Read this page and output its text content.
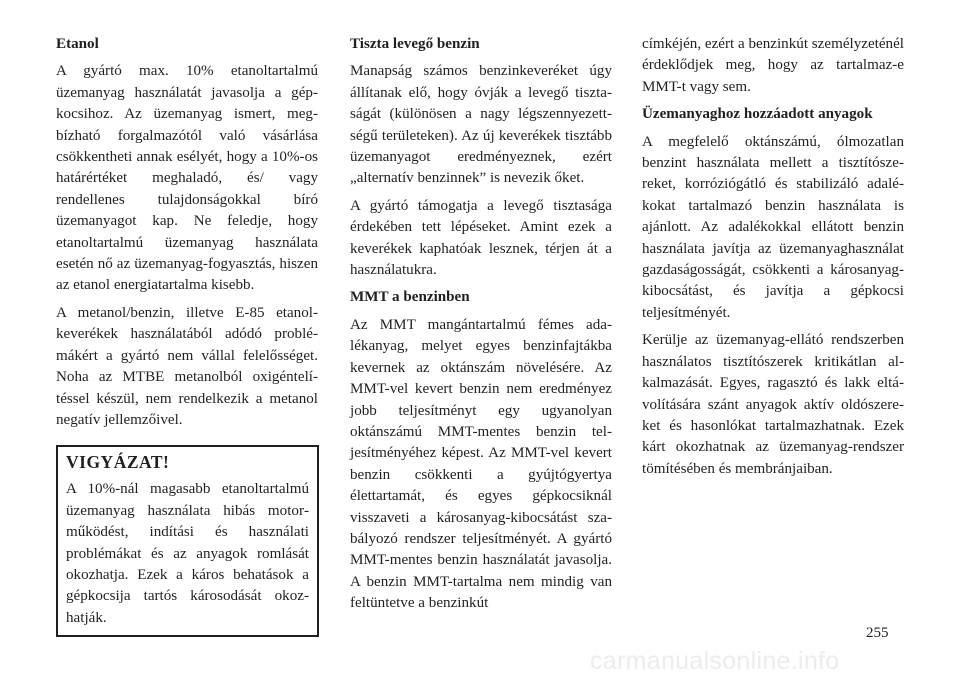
Etanol

A gyártó max. 10% etanoltartalmú üzemanyag használatát javasolja a gépkocsihoz. Az üzemanyag ismert, megbízható forgalmazótól való vásárlása csökkentheti annak esélyét, hogy a 10%-os határértéket meghaladó, és/ vagy rendellenes tulajdonságokkal bíró üzemanyagot kap. Ne feledje, hogy etanoltartalmú üzemanyag használata esetén nő az üzemanyag-fogyasztás, hiszen az etanol energiatartalma kisebb.

A metanol/benzin, illetve E-85 etanolkeverékek használatából adódó problémákért a gyártó nem vállal felelősséget. Noha az MTBE metanolból oxigéntelítéssel készül, nem rendelkezik a metanol negatív jellemzőivel.

VIGYÁZAT!

A 10%-nál magasabb etanoltartalmú üzemanyag használata hibás motorműködést, indítási és használati problémákat és az anyagok romlását okozhatja. Ezek a káros behatások a gépkocsija tartós károsodását okozhatják.

Tiszta levegő benzin

Manapság számos benzinkeveréket úgy állítanak elő, hogy óvják a levegő tisztaságát (különösen a nagy légszennyezettségű területeken). Az új keverékek tisztább üzemanyagot eredményeznek, ezért „alternatív benzinnek” is nevezik őket.

A gyártó támogatja a levegő tisztasága érdekében tett lépéseket. Amint ezek a keverékek kaphatóak lesznek, térjen át a használatukra.

MMT a benzinben

Az MMT mangántartalmú fémes adalékanyag, melyet egyes benzinfajtákba kevernek az oktánszám növelésére. Az MMT-vel kevert benzin nem eredményez jobb teljesítményt egy ugyanolyan oktánszámú MMT-mentes benzin teljesítményéhez képest. Az MMT-vel kevert benzin csökkenti a gyújtógyertya élettartamát, és egyes gépkocsiknál visszaveti a károsanyag-kibocsátást szabályozó rendszer teljesítményét. A gyártó MMT-mentes benzin használatát javasolja. A benzin MMT-tartalma nem mindig van feltüntetve a benzinkút

címkéjén, ezért a benzinkút személyzeténél érdeklődjek meg, hogy az tartalmaz-e MMT-t vagy sem.

Üzemanyaghoz hozzáadott anyagok

A megfelelő oktánszámú, ólmozatlan benzint használata mellett a tisztítószereket, korróziógátló és stabilizáló adalékokat tartalmazó benzin használata is ajánlott. Az adalékokkal ellátott benzin használata javítja az üzemanyaghasználat gazdaságosságát, csökkenti a károsanyag-kibocsátást, és javítja a gépkocsi teljesítményét.

Kerülje az üzemanyag-ellátó rendszerben használatos tisztítószerek kritikátlan alkalmazását. Egyes, ragasztó és lakk eltávolítására szánt anyagok aktív oldószereket és hasonlókat tartalmazhatnak. Ezek kárt okozhatnak az üzemanyag-rendszer tömítésében és membránjaiban.

255
carmanualsonline.info
